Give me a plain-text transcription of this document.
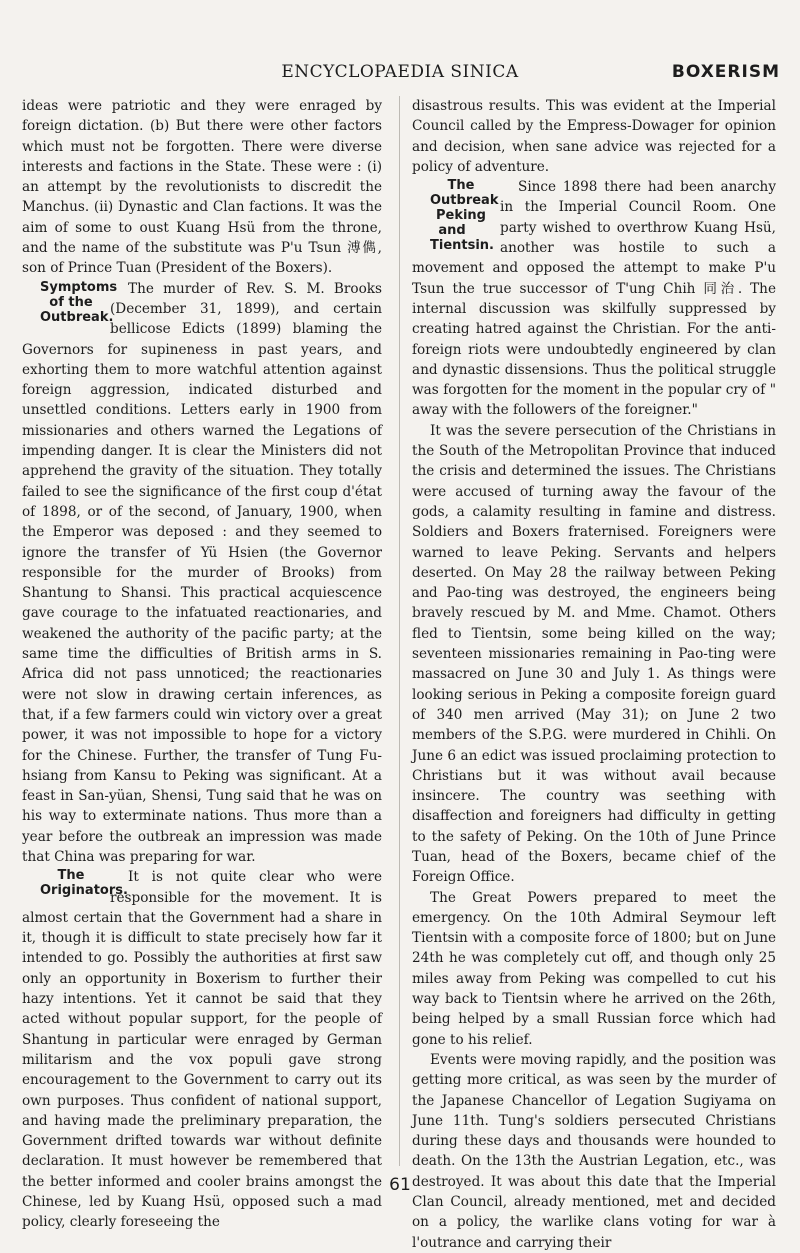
ENCYCLOPAEDIA SINICA	BOXERISM

ideas were patriotic and they were enraged by foreign dictation. (b) But there were other factors which must not be forgotten. There were diverse interests and factions in the State. These were : (i) an attempt by the revolutionists to discredit the Manchus. (ii) Dynastic and Clan factions. It was the aim of some to oust Kuang Hsü from the throne, and the name of the substitute was P'u Tsun 溥儁, son of Prince Tuan (President of the Boxers).

Symptoms
of the
Outbreak.
The murder of Rev. S. M. Brooks (December 31, 1899), and certain bellicose Edicts (1899) blaming the Governors for supineness in past years, and exhorting them to more watchful attention against foreign aggression, indicated disturbed and unsettled conditions. Letters early in 1900 from missionaries and others warned the Legations of impending danger. It is clear the Ministers did not apprehend the gravity of the situation. They totally failed to see the significance of the first coup d'état of 1898, or of the second, of January, 1900, when the Emperor was deposed : and they seemed to ignore the transfer of Yü Hsien (the Governor responsible for the murder of Brooks) from Shantung to Shansi. This practical acquiescence gave courage to the infatuated reactionaries, and weakened the authority of the pacific party; at the same time the difficulties of British arms in S. Africa did not pass unnoticed; the reactionaries were not slow in drawing certain inferences, as that, if a few farmers could win victory over a great power, it was not impossible to hope for a victory for the Chinese. Further, the transfer of Tung Fu-hsiang from Kansu to Peking was significant. At a feast in San-yüan, Shensi, Tung said that he was on his way to exterminate nations. Thus more than a year before the outbreak an impression was made that China was preparing for war.

The
Originators.
It is not quite clear who were responsible for the movement. It is almost certain that the Government had a share in it, though it is difficult to state precisely how far it intended to go. Possibly the authorities at first saw only an opportunity in Boxerism to further their hazy intentions. Yet it cannot be said that they acted without popular support, for the people of Shantung in particular were enraged by German militarism and the vox populi gave strong encouragement to the Government to carry out its own purposes. Thus confident of national support, and having made the preliminary preparation, the Government drifted towards war without definite declaration. It must however be remembered that the better informed and cooler brains amongst the Chinese, led by Kuang Hsü, opposed such a mad policy, clearly foreseeing the

disastrous results. This was evident at the Imperial Council called by the Empress-Dowager for opinion and decision, when sane advice was rejected for a policy of adventure.

The
Outbreak
Peking and
Tientsin.
Since 1898 there had been anarchy in the Imperial Council Room. One party wished to overthrow Kuang Hsü, another was hostile to such a movement and opposed the attempt to make P'u Tsun the true successor of T'ung Chih 同治. The internal discussion was skilfully suppressed by creating hatred against the Christian. For the anti-foreign riots were undoubtedly engineered by clan and dynastic dissensions. Thus the political struggle was forgotten for the moment in the popular cry of " away with the followers of the foreigner."

It was the severe persecution of the Christians in the South of the Metropolitan Province that induced the crisis and determined the issues. The Christians were accused of turning away the favour of the gods, a calamity resulting in famine and distress. Soldiers and Boxers fraternised. Foreigners were warned to leave Peking. Servants and helpers deserted. On May 28 the railway between Peking and Pao-ting was destroyed, the engineers being bravely rescued by M. and Mme. Chamot. Others fled to Tientsin, some being killed on the way; seventeen missionaries remaining in Pao-ting were massacred on June 30 and July 1. As things were looking serious in Peking a composite foreign guard of 340 men arrived (May 31); on June 2 two members of the S.P.G. were murdered in Chihli. On June 6 an edict was issued proclaiming protection to Christians but it was without avail because insincere. The country was seething with disaffection and foreigners had difficulty in getting to the safety of Peking. On the 10th of June Prince Tuan, head of the Boxers, became chief of the Foreign Office.

The Great Powers prepared to meet the emergency. On the 10th Admiral Seymour left Tientsin with a composite force of 1800; but on June 24th he was completely cut off, and though only 25 miles away from Peking was compelled to cut his way back to Tientsin where he arrived on the 26th, being helped by a small Russian force which had gone to his relief.

Events were moving rapidly, and the position was getting more critical, as was seen by the murder of the Japanese Chancellor of Legation Sugiyama on June 11th. Tung's soldiers persecuted Christians during these days and thousands were hounded to death. On the 13th the Austrian Legation, etc., was destroyed. It was about this date that the Imperial Clan Council, already mentioned, met and decided on a policy, the warlike clans voting for war à l'outrance and carrying their

61
